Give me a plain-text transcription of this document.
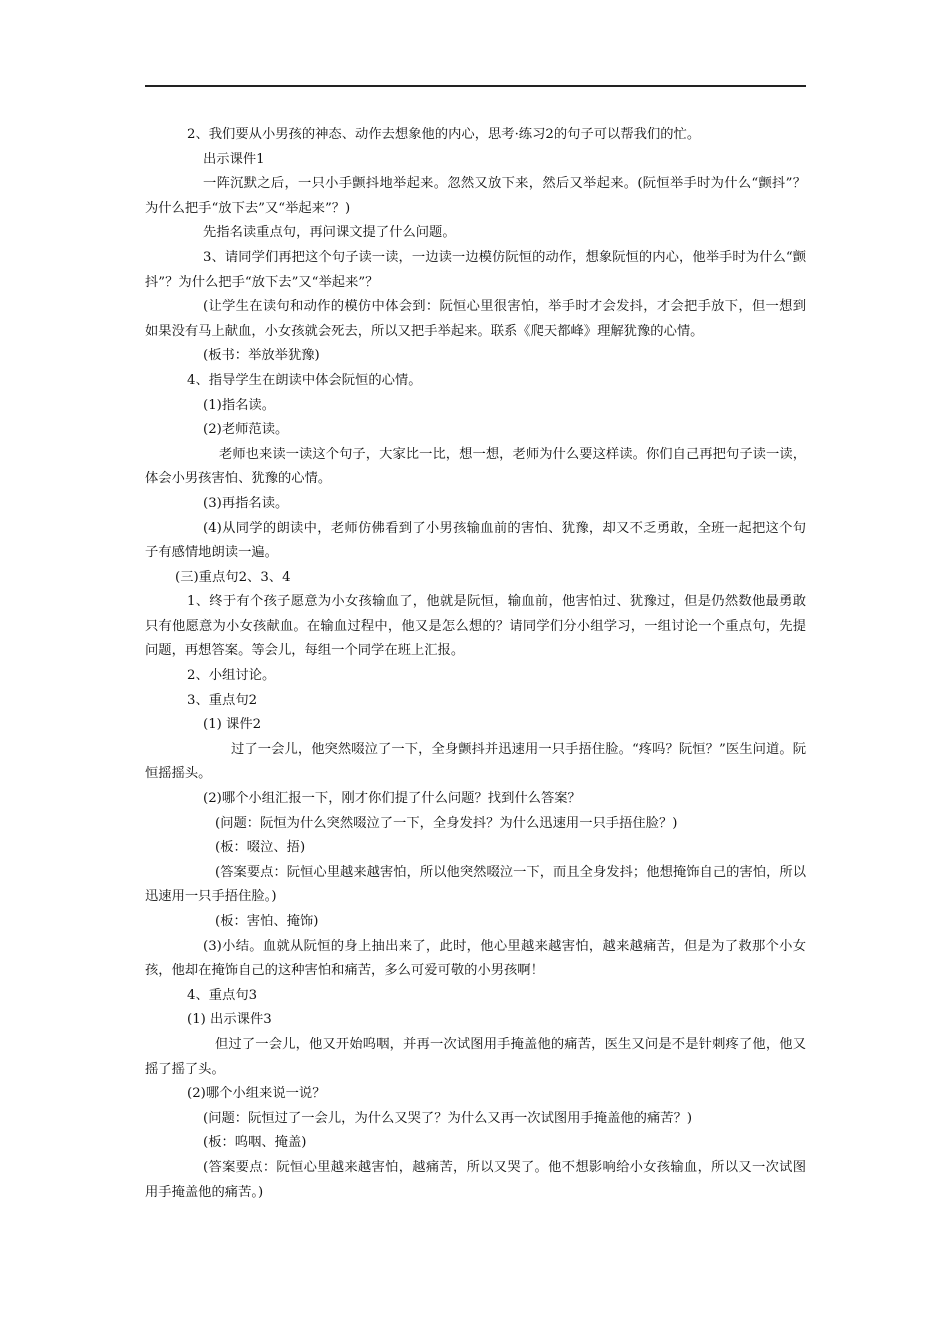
2、我们要从小男孩的神态、动作去想象他的内心，思考·练习2的句子可以帮我们的忙。

出示课件1

一阵沉默之后，一只小手颤抖地举起来。忽然又放下来，然后又举起来。(阮恒举手时为什么“颤抖”？为什么把手“放下去”又“举起来”？)

先指名读重点句，再问课文提了什么问题。

3、请同学们再把这个句子读一读，一边读一边模仿阮恒的动作，想象阮恒的内心，他举手时为什么“颤抖”？为什么把手“放下去”又“举起来”？

(让学生在读句和动作的模仿中体会到：阮恒心里很害怕，举手时才会发抖，才会把手放下，但一想到如果没有马上献血，小女孩就会死去，所以又把手举起来。联系《爬天都峰》理解犹豫的心情。

(板书：举放举犹豫)

4、指导学生在朗读中体会阮恒的心情。

(1)指名读。

(2)老师范读。

老师也来读一读这个句子，大家比一比，想一想，老师为什么要这样读。你们自己再把句子读一读，体会小男孩害怕、犹豫的心情。

(3)再指名读。

(4)从同学的朗读中，老师仿佛看到了小男孩输血前的害怕、犹豫，却又不乏勇敢，全班一起把这个句子有感情地朗读一遍。

(三)重点句2、3、4

1、终于有个孩子愿意为小女孩输血了，他就是阮恒，输血前，他害怕过、犹豫过，但是仍然数他最勇敢只有他愿意为小女孩献血。在输血过程中，他又是怎么想的？请同学们分小组学习，一组讨论一个重点句，先提问题，再想答案。等会儿，每组一个同学在班上汇报。

2、小组讨论。

3、重点句2

(1) 课件2

过了一会儿，他突然啜泣了一下，全身颤抖并迅速用一只手捂住脸。“疼吗？阮恒？”医生问道。阮恒摇摇头。

(2)哪个小组汇报一下，刚才你们提了什么问题？找到什么答案？

(问题：阮恒为什么突然啜泣了一下，全身发抖？为什么迅速用一只手捂住脸？)

(板：啜泣、捂)

(答案要点：阮恒心里越来越害怕，所以他突然啜泣一下，而且全身发抖；他想掩饰自己的害怕，所以迅速用一只手捂住脸。)

(板：害怕、掩饰)

(3)小结。血就从阮恒的身上抽出来了，此时，他心里越来越害怕，越来越痛苦，但是为了救那个小女孩，他却在掩饰自己的这种害怕和痛苦，多么可爱可敬的小男孩啊！

4、重点句3

(1) 出示课件3

但过了一会儿，他又开始呜咽，并再一次试图用手掩盖他的痛苦，医生又问是不是针刺疼了他，他又摇了摇了头。

(2)哪个小组来说一说？

(问题：阮恒过了一会儿，为什么又哭了？为什么又再一次试图用手掩盖他的痛苦？)

(板：呜咽、掩盖)

(答案要点：阮恒心里越来越害怕，越痛苦，所以又哭了。他不想影响给小女孩输血，所以又一次试图用手掩盖他的痛苦。)
